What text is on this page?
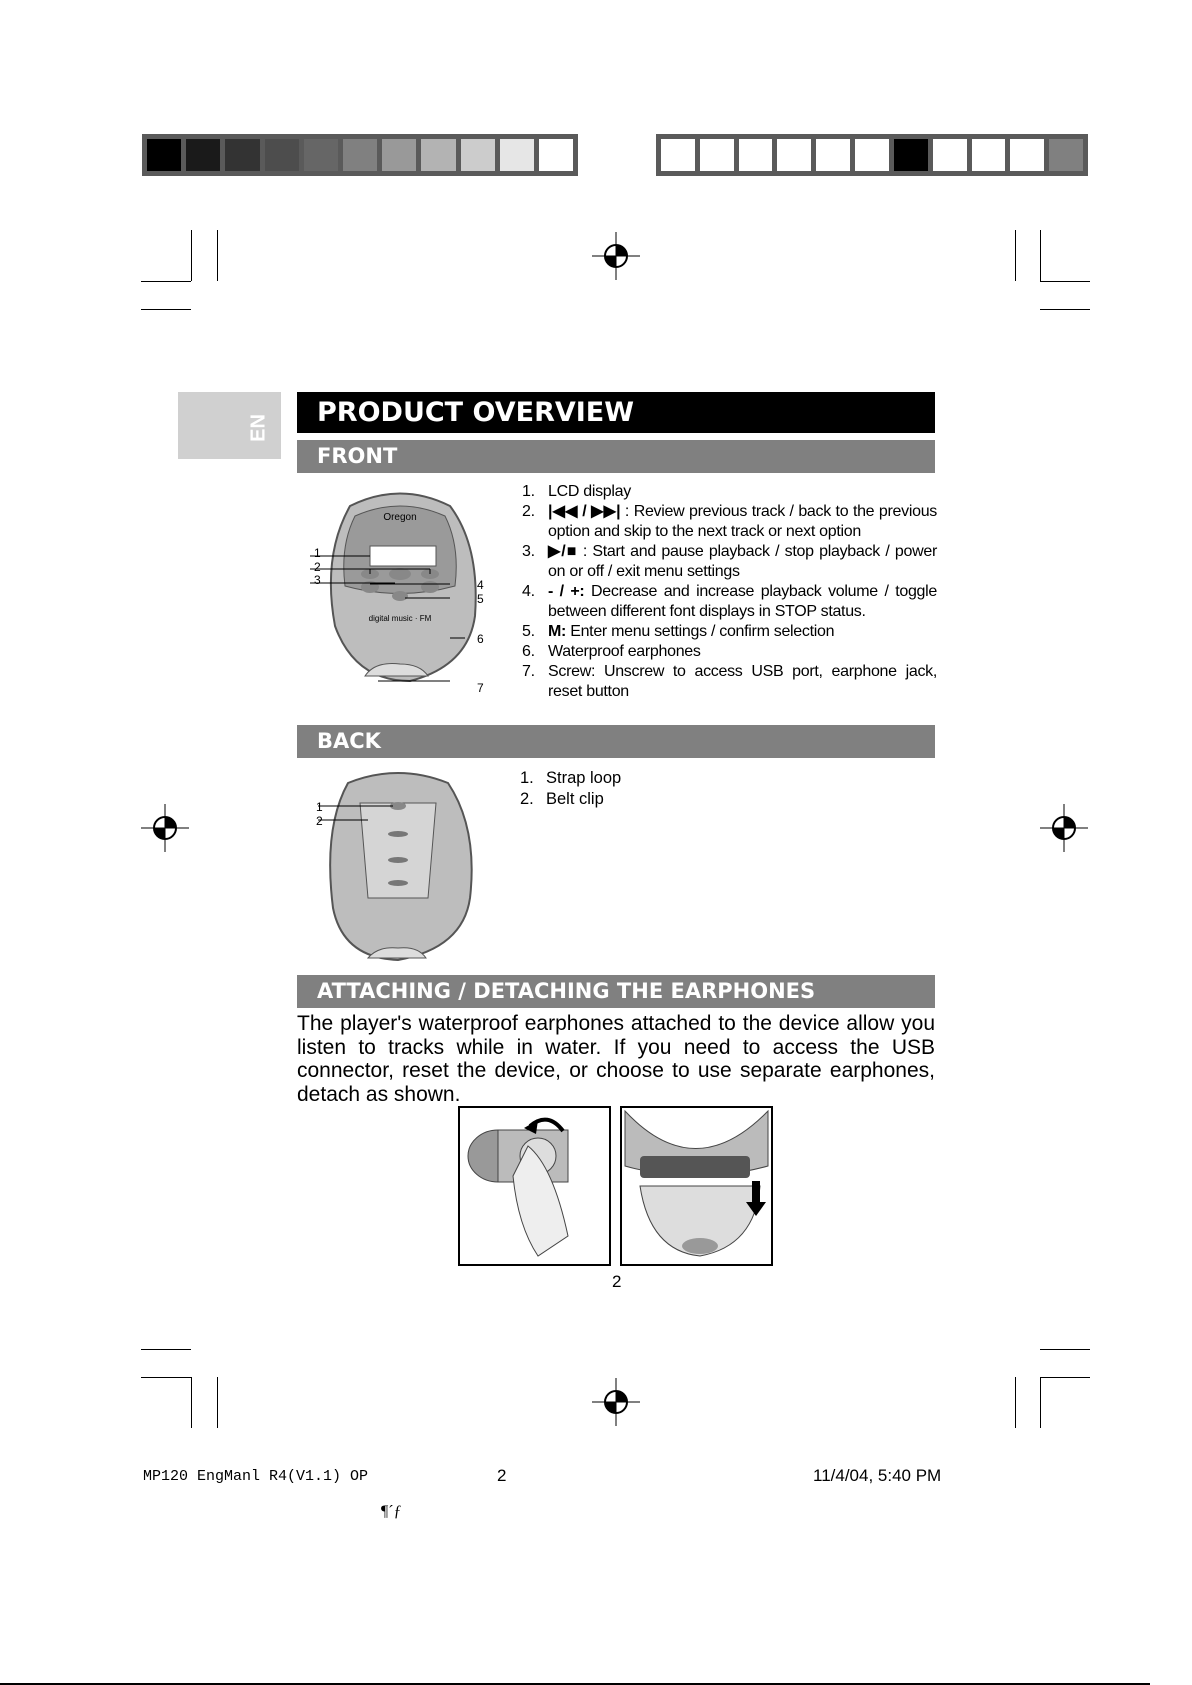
EN	PRODUCT OVERVIEW
FRONT
Oregon
digital music · FM
1
2
3	4
5
6
7
1. LCD display
2. |◀◀ / ▶▶| : Review previous track / back to the previous option and skip to the next track or next option
3. ▶/■ : Start and pause playback / stop playback / power on or off / exit menu settings
4. - / +: Decrease and increase playback volume / toggle between different font displays in STOP status.
5. M: Enter menu settings / confirm selection
6. Waterproof earphones
7. Screw: Unscrew to access USB port, earphone jack, reset button
BACK
1
2
1. Strap loop
2. Belt clip
ATTACHING / DETACHING THE EARPHONES
The player's waterproof earphones attached to the device allow you listen to tracks while in water. If you need to access the USB connector, reset the device, or choose to use separate earphones, detach as shown.
2
MP120 EngManl R4(V1.1) OP	2	11/4/04, 5:40 PM
¶´ƒ
